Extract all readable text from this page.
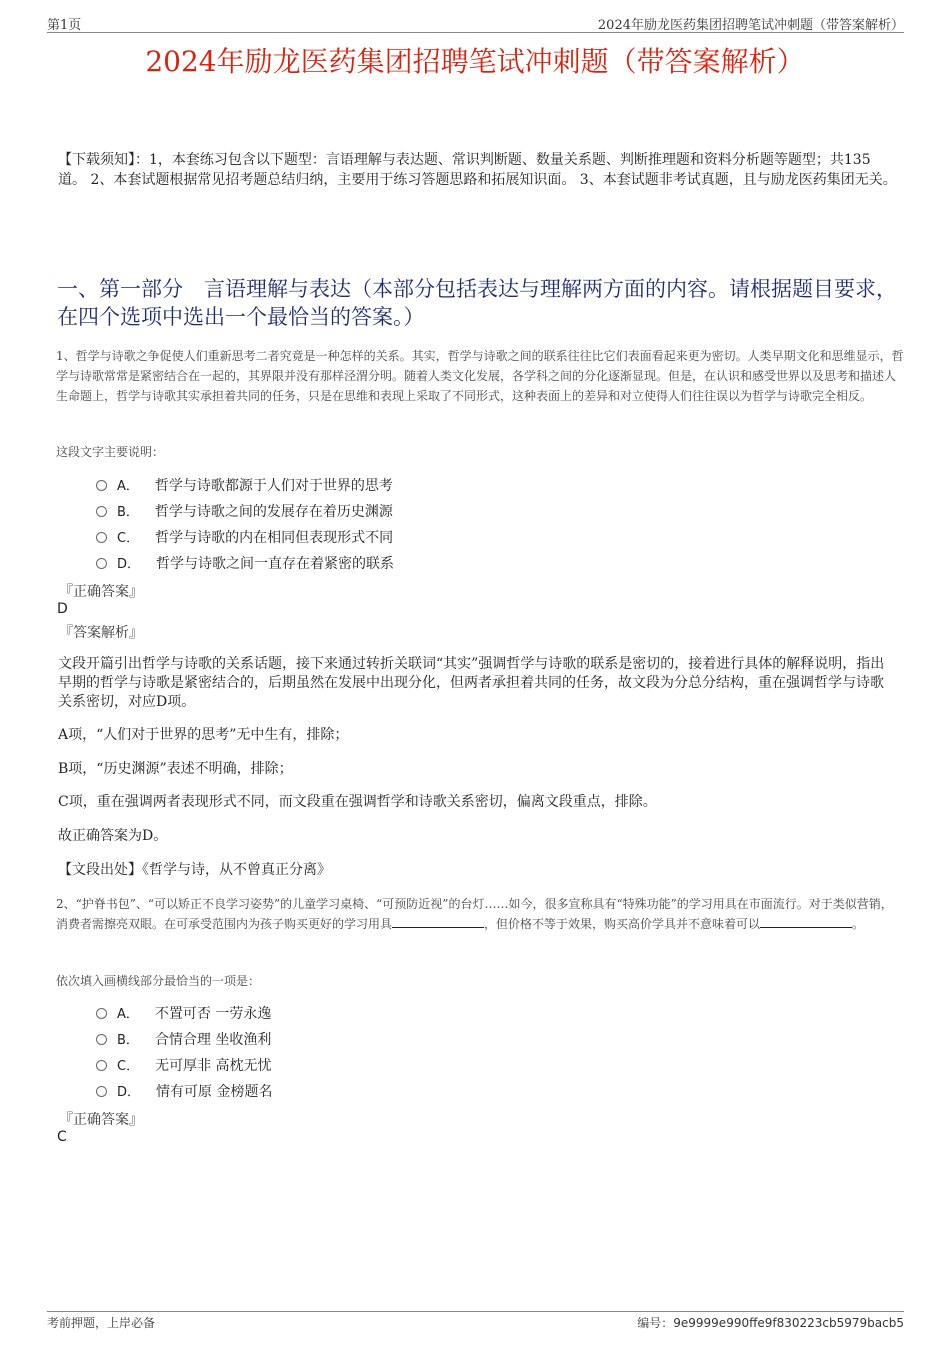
第1页	2024年励龙医药集团招聘笔试冲刺题（带答案解析）
2024年励龙医药集团招聘笔试冲刺题（带答案解析）
【下载须知】：1，本套练习包含以下题型：言语理解与表达题、常识判断题、数量关系题、判断推理题和资料分析题等题型；共135道。 2、本套试题根据常见招考题总结归纳，主要用于练习答题思路和拓展知识面。 3、本套试题非考试真题，且与励龙医药集团无关。
一、第一部分　言语理解与表达（本部分包括表达与理解两方面的内容。请根据题目要求，在四个选项中选出一个最恰当的答案。）
1、哲学与诗歌之争促使人们重新思考二者究竟是一种怎样的关系。其实，哲学与诗歌之间的联系往往比它们表面看起来更为密切。人类早期文化和思维显示，哲学与诗歌常常是紧密结合在一起的，其界限并没有那样泾渭分明。随着人类文化发展，各学科之间的分化逐渐显现。但是，在认识和感受世界以及思考和描述人生命题上，哲学与诗歌其实承担着共同的任务，只是在思维和表现上采取了不同形式，这种表面上的差异和对立使得人们往往误以为哲学与诗歌完全相反。
这段文字主要说明：
A． 哲学与诗歌都源于人们对于世界的思考
B． 哲学与诗歌之间的发展存在着历史渊源
C． 哲学与诗歌的内在相同但表现形式不同
D． 哲学与诗歌之间一直存在着紧密的联系
『正确答案』
D
『答案解析』
文段开篇引出哲学与诗歌的关系话题，接下来通过转折关联词“其实”强调哲学与诗歌的联系是密切的，接着进行具体的解释说明，指出早期的哲学与诗歌是紧密结合的，后期虽然在发展中出现分化，但两者承担着共同的任务，故文段为分总分结构，重在强调哲学与诗歌关系密切，对应D项。
A项，“人们对于世界的思考”无中生有，排除；
B项，“历史渊源”表述不明确，排除；
C项，重在强调两者表现形式不同，而文段重在强调哲学和诗歌关系密切，偏离文段重点，排除。
故正确答案为D。
【文段出处】《哲学与诗，从不曾真正分离》
2、“护脊书包”、“可以矫正不良学习姿势”的儿童学习桌椅、“可预防近视”的台灯……如今，很多宣称具有“特殊功能”的学习用具在市面流行。对于类似营销，消费者需擦亮双眼。在可承受范围内为孩子购买更好的学习用具	，但价格不等于效果，购买高价学具并不意味着可以	。
依次填入画横线部分最恰当的一项是：
A． 不置可否 一劳永逸
B． 合情合理 坐收渔利
C． 无可厚非 高枕无忧
D． 情有可原 金榜题名
『正确答案』
C
考前押题，上岸必备	编号：9e9999e990ffe9f830223cb5979bacb5
